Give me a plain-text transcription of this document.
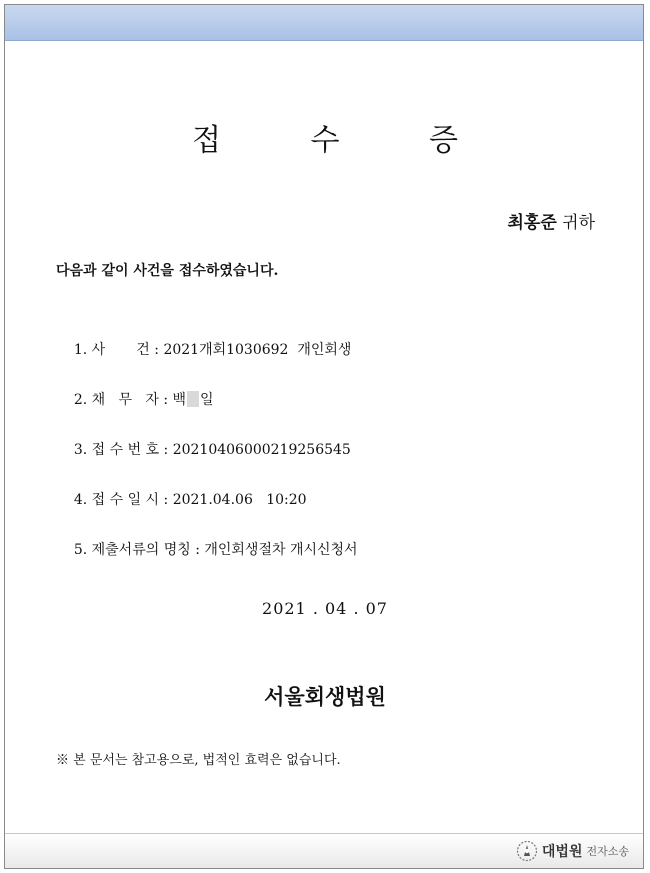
접 수 증
최홍준 귀하
다음과 같이 사건을 접수하였습니다.

1. 사       건 : 2021개회1030692  개인회생

2. 채   무   자 : 백 일

3. 접 수 번 호 : 20210406000219256545

4. 접 수 일 시 : 2021.04.06   10:20

5. 제출서류의 명칭 : 개인회생절차 개시신청서

2021 . 04 . 07
서울회생법원
※ 본 문서는 참고용으로, 법적인 효력은 없습니다.
대법원 전자소송
